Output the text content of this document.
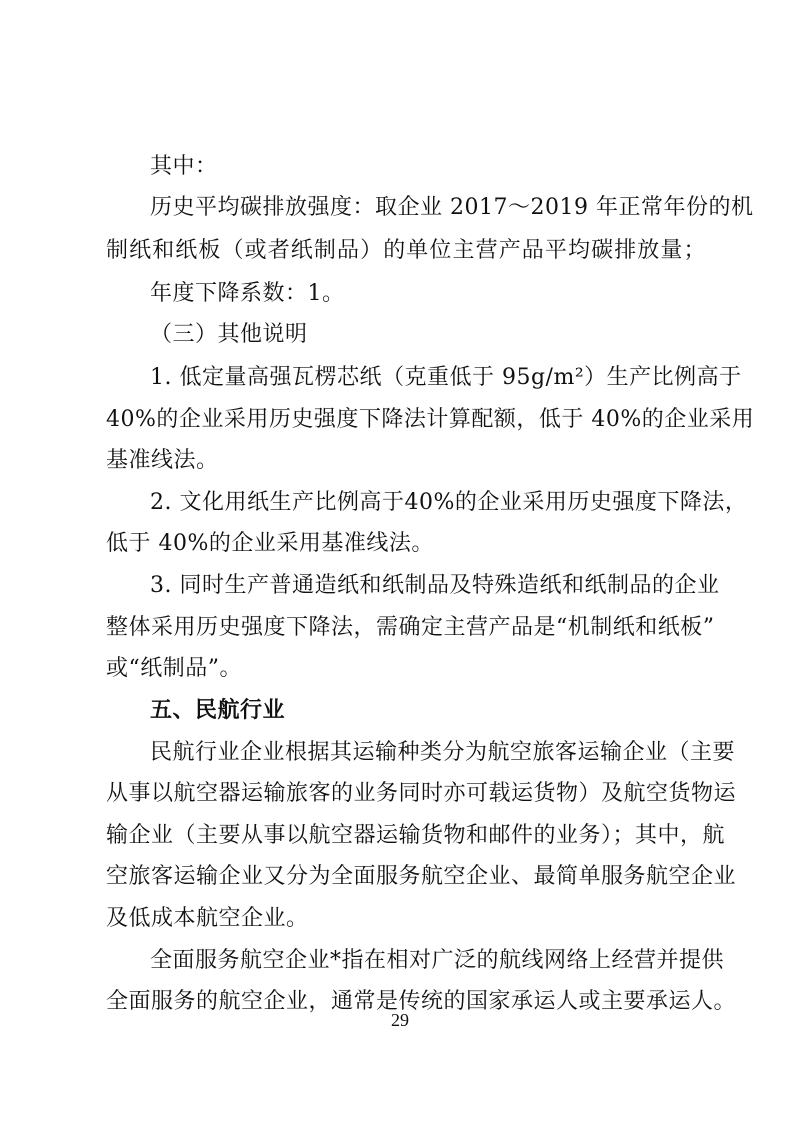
其中：
历史平均碳排放强度：取企业 2017～2019 年正常年份的机
制纸和纸板（或者纸制品）的单位主营产品平均碳排放量；
年度下降系数：1。
（三）其他说明
1. 低定量高强瓦楞芯纸（克重低于 95g/m²）生产比例高于
40%的企业采用历史强度下降法计算配额，低于 40%的企业采用
基准线法。
2. 文化用纸生产比例高于40%的企业采用历史强度下降法，
低于 40%的企业采用基准线法。
3. 同时生产普通造纸和纸制品及特殊造纸和纸制品的企业
整体采用历史强度下降法，需确定主营产品是“机制纸和纸板”
或“纸制品”。
五、民航行业
民航行业企业根据其运输种类分为航空旅客运输企业（主要
从事以航空器运输旅客的业务同时亦可载运货物）及航空货物运
输企业（主要从事以航空器运输货物和邮件的业务）；其中，航
空旅客运输企业又分为全面服务航空企业、最简单服务航空企业
及低成本航空企业。
全面服务航空企业*指在相对广泛的航线网络上经营并提供
全面服务的航空企业，通常是传统的国家承运人或主要承运人。
29
